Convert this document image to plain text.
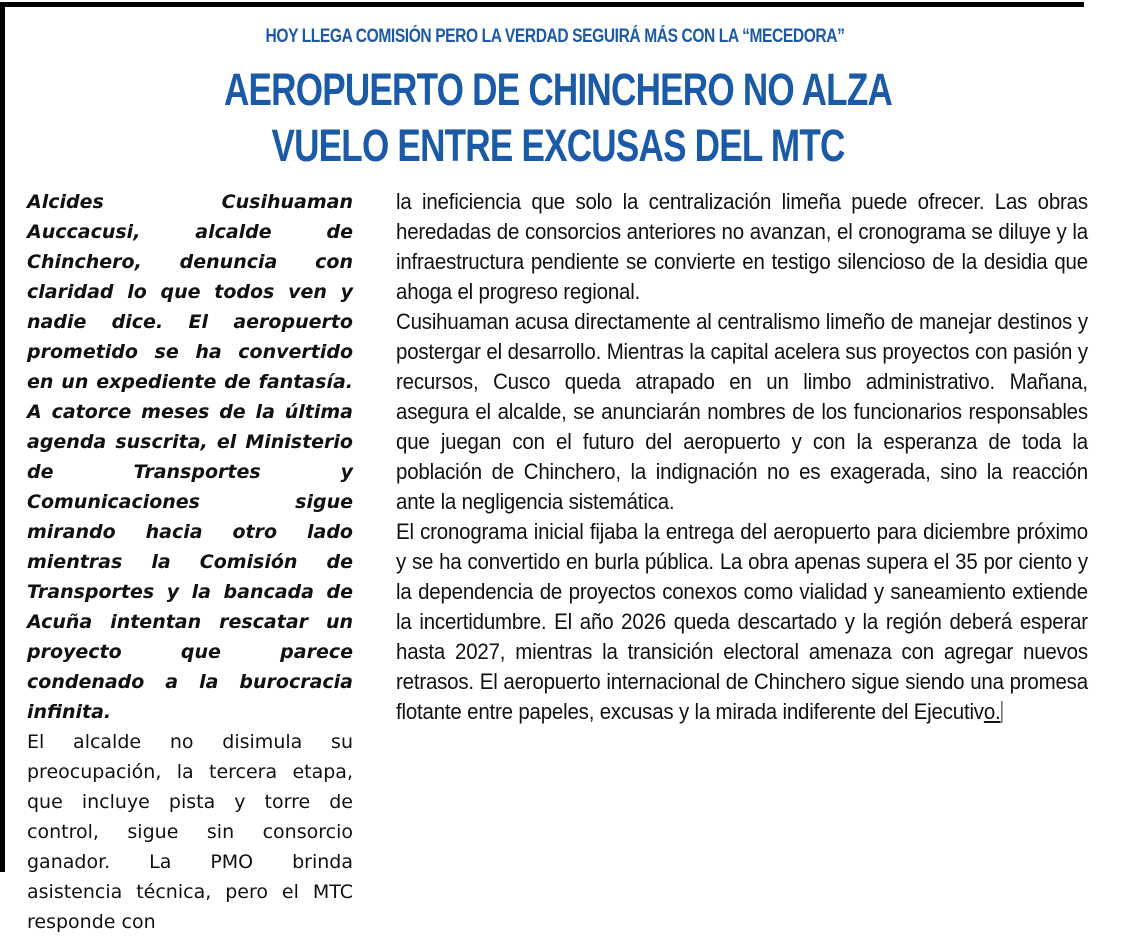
HOY LLEGA COMISIÓN PERO LA VERDAD SEGUIRÁ MÁS CON LA “MECEDORA”
AEROPUERTO DE CHINCHERO NO ALZA
VUELO ENTRE EXCUSAS DEL MTC

Alcides Cusihuaman Auccacusi, alcalde de Chinchero, denuncia con claridad lo que todos ven y nadie dice. El aeropuerto prometido se ha convertido en un expediente de fantasía. A catorce meses de la última agenda suscrita, el Ministerio de Transportes y Comunicaciones sigue mirando hacia otro lado mientras la Comisión de Transportes y la bancada de Acuña intentan rescatar un proyecto que parece condenado a la burocracia infinita.

El alcalde no disimula su preocupación, la tercera etapa, que incluye pista y torre de control, sigue sin consorcio ganador. La PMO brinda asistencia técnica, pero el MTC responde con

la ineficiencia que solo la centralización limeña puede ofrecer. Las obras heredadas de consorcios anteriores no avanzan, el cronograma se diluye y la infraestructura pendiente se convierte en testigo silencioso de la desidia que ahoga el progreso regional.

Cusihuaman acusa directamente al centralismo limeño de manejar destinos y postergar el desarrollo. Mientras la capital acelera sus proyectos con pasión y recursos, Cusco queda atrapado en un limbo administrativo. Mañana, asegura el alcalde, se anunciarán nombres de los funcionarios responsables que juegan con el futuro del aeropuerto y con la esperanza de toda la población de Chinchero, la indignación no es exagerada, sino la reacción ante la negligencia sistemática.

El cronograma inicial fijaba la entrega del aeropuerto para diciembre próximo y se ha convertido en burla pública. La obra apenas supera el 35 por ciento y la dependencia de proyectos conexos como vialidad y saneamiento extiende la incertidumbre. El año 2026 queda descartado y la región deberá esperar hasta 2027, mientras la transición electoral amenaza con agregar nuevos retrasos. El aeropuerto internacional de Chinchero sigue siendo una promesa flotante entre papeles, excusas y la mirada indiferente del Ejecutivo.
